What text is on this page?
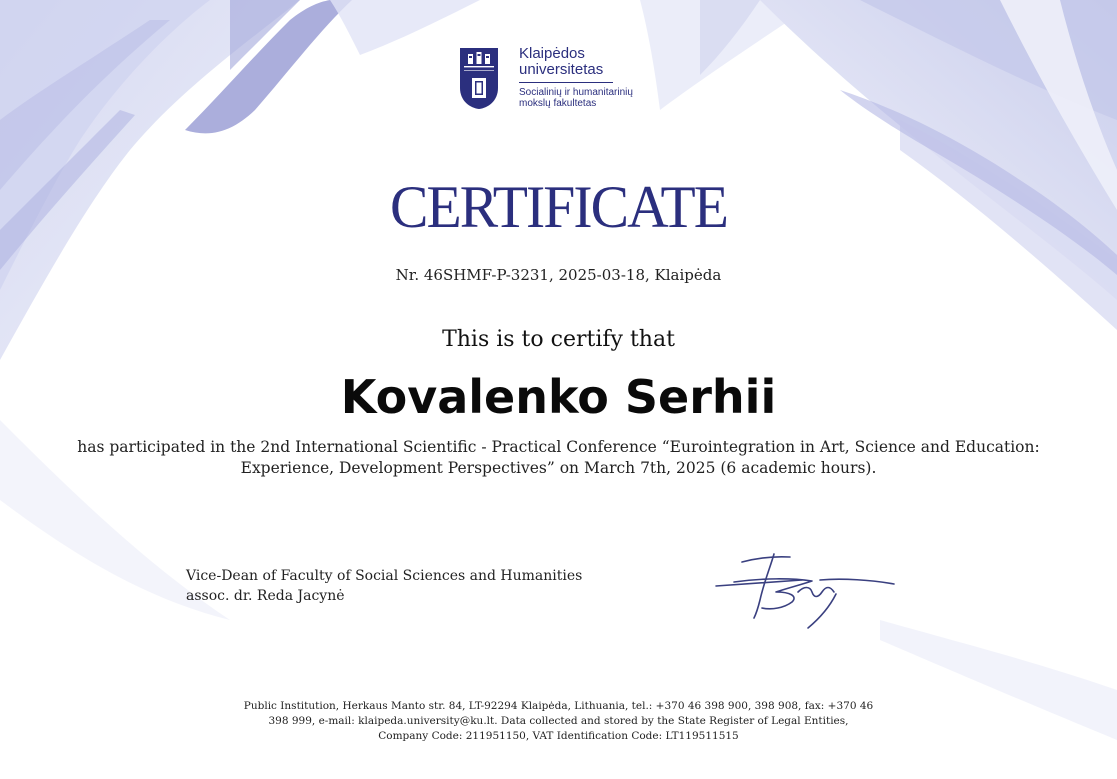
Klaipėdos
universitetas
Socialinių ir humanitarinių
mokslų fakultetas
CERTIFICATE
Nr. 46SHMF-P-3231, 2025-03-18, Klaipėda
This is to certify that
Kovalenko Serhii
has participated in the 2nd International Scientific - Practical Conference “Eurointegration in Art, Science and Education:
Experience, Development Perspectives” on March 7th, 2025 (6 academic hours).
Vice-Dean of Faculty of Social Sciences and Humanities
assoc. dr. Reda Jacynė
Public Institution, Herkaus Manto str. 84, LT-92294 Klaipėda, Lithuania, tel.: +370 46 398 900, 398 908, fax: +370 46
398 999, e-mail: klaipeda.university@ku.lt. Data collected and stored by the State Register of Legal Entities,
Company Code: 211951150, VAT Identification Code: LT119511515
